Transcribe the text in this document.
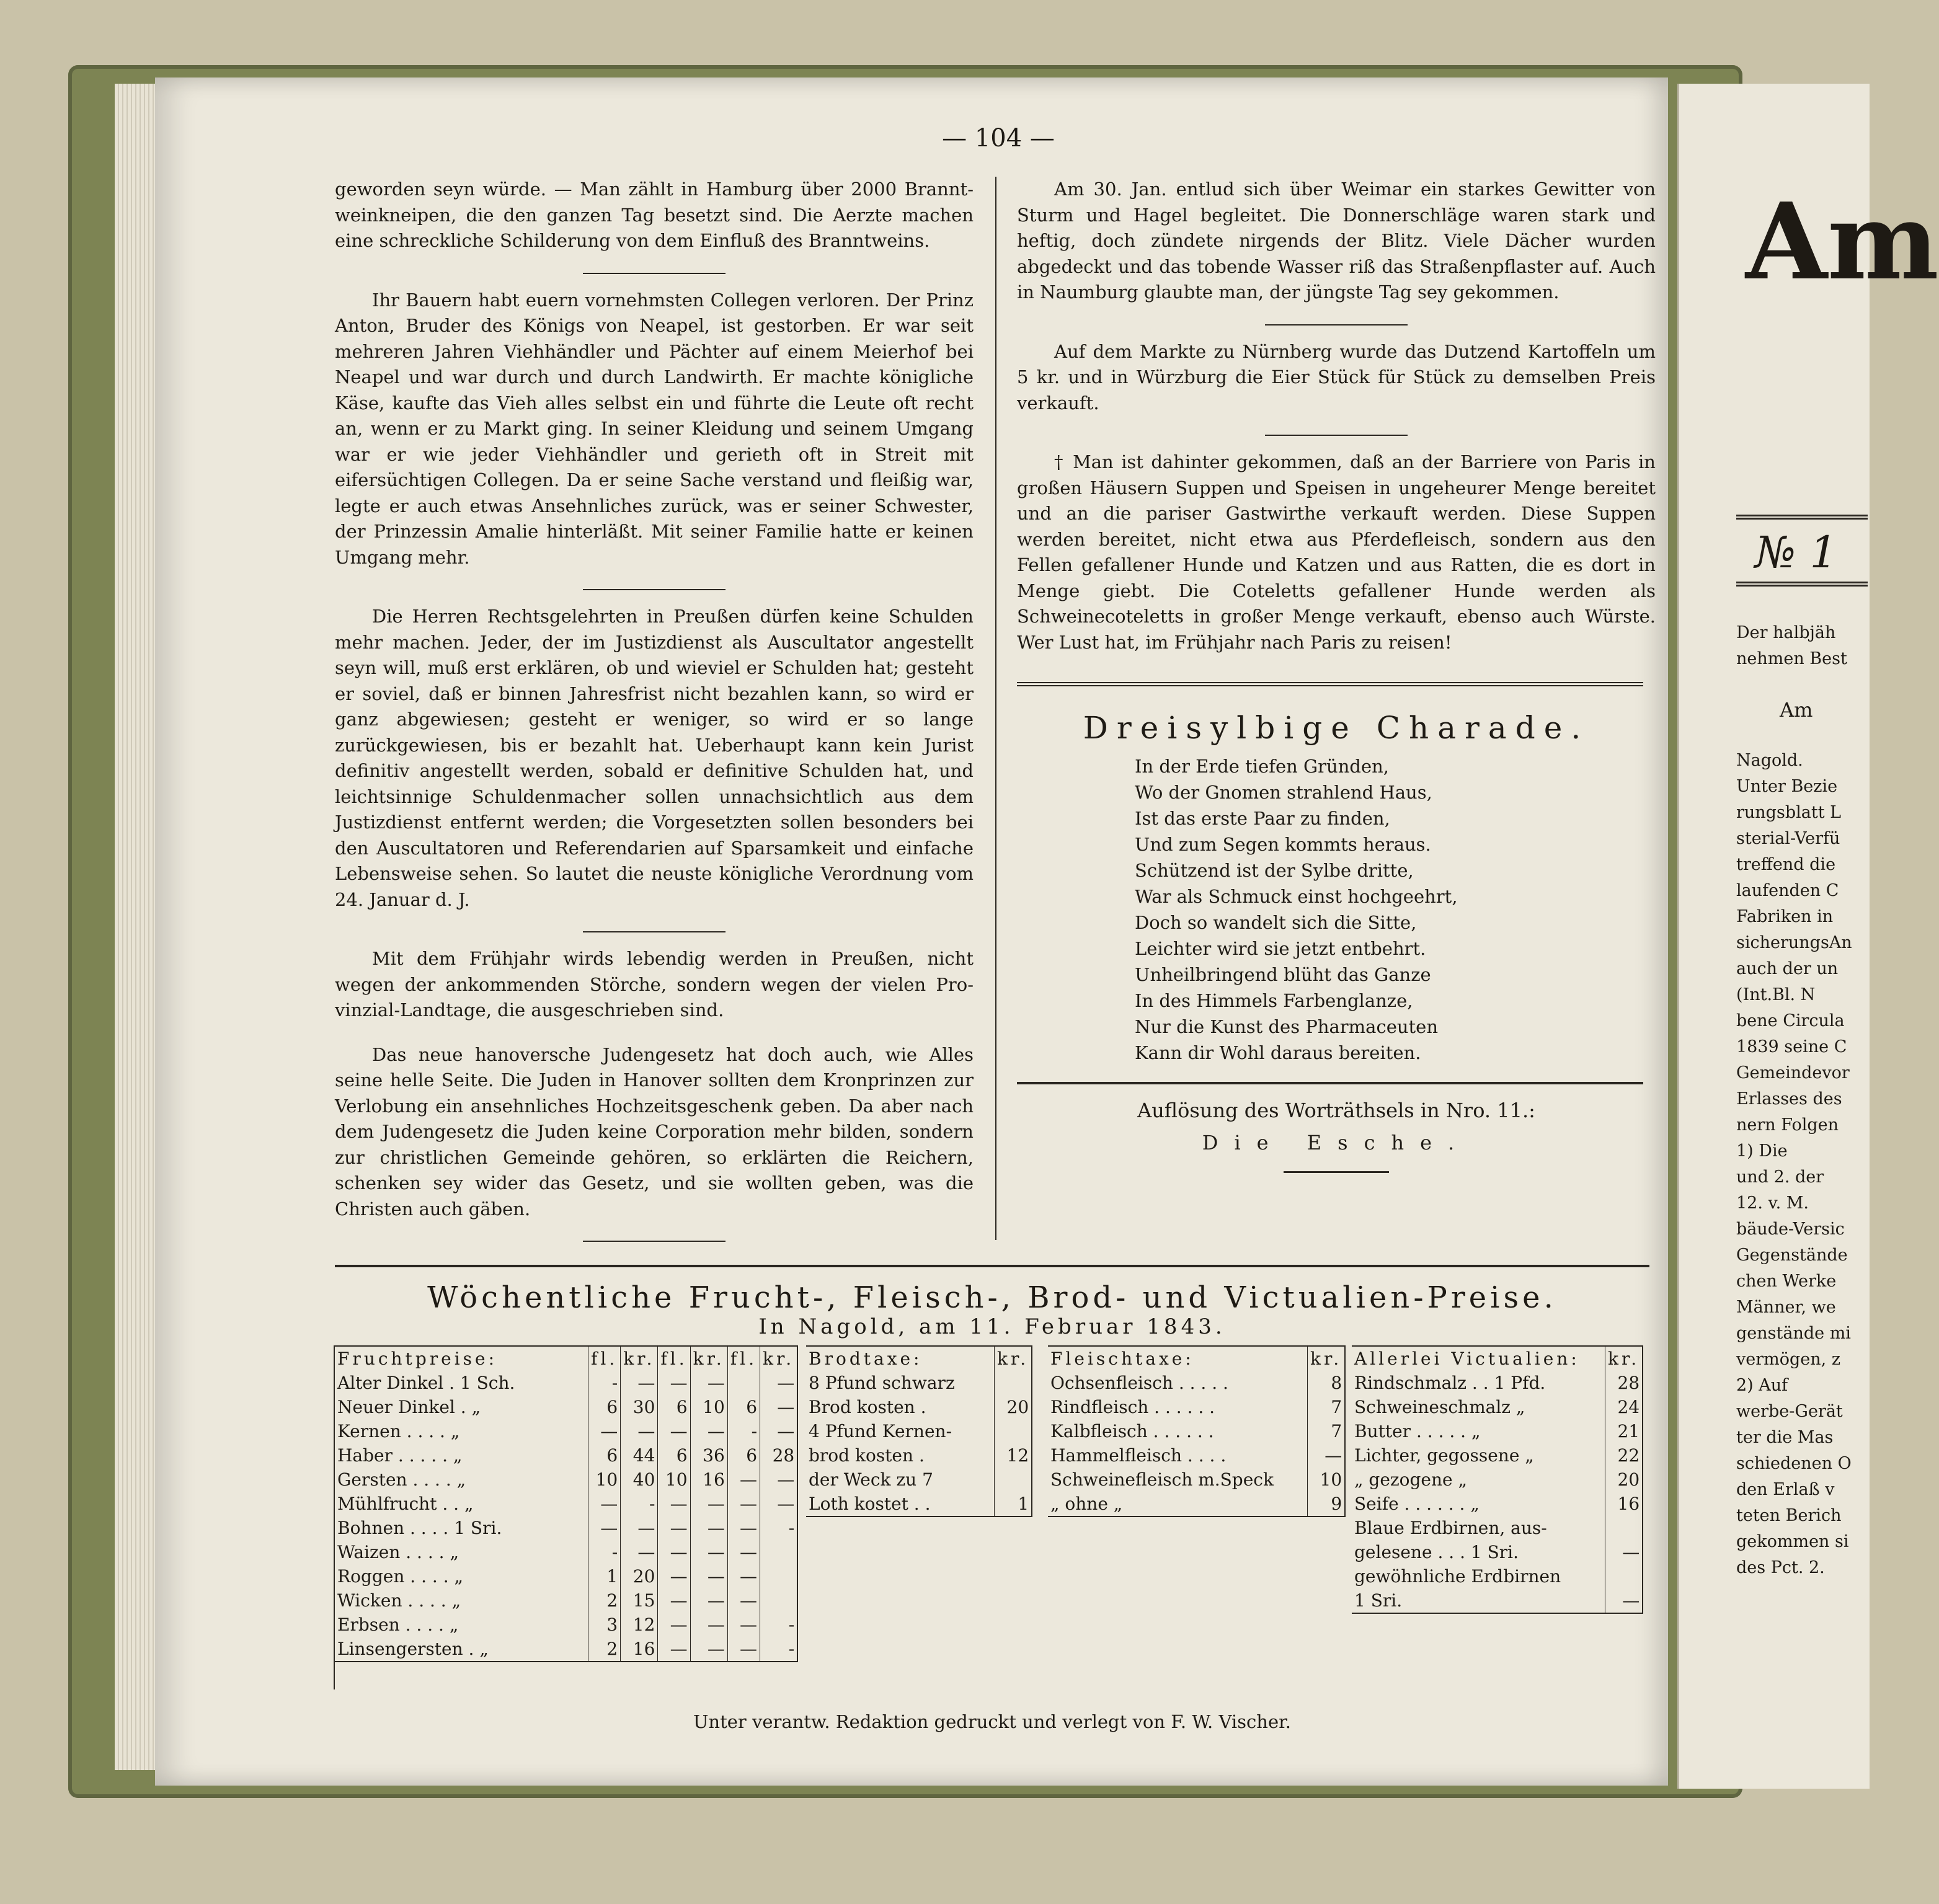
— 104 —

geworden seyn würde. — Man zählt in Hamburg über 2000 Branntweinkneipen, die den ganzen Tag besetzt sind. Die Aerzte machen eine schreckliche Schilderung von dem Einfluß des Branntweins.

Ihr Bauern habt euern vornehmsten Collegen verloren. Der Prinz Anton, Bruder des Königs von Neapel, ist gestorben. Er war seit mehreren Jahren Viehhändler und Pächter auf einem Meierhof bei Neapel und war durch und durch Landwirth. Er machte königliche Käse, kaufte das Vieh alles selbst ein und führte die Leute oft recht an, wenn er zu Markt ging. In seiner Kleidung und seinem Umgang war er wie jeder Viehhändler und gerieth oft in Streit mit eifersüchtigen Collegen. Da er seine Sache verstand und fleißig war, legte er auch etwas Ansehnliches zurück, was er seiner Schwester, der Prinzessin Amalie hinterläßt. Mit seiner Familie hatte er keinen Umgang mehr.

Die Herren Rechtsgelehrten in Preußen dürfen keine Schulden mehr machen. Jeder, der im Justizdienst als Auscultator angestellt seyn will, muß erst erklären, ob und wieviel er Schulden hat; gesteht er soviel, daß er binnen Jahresfrist nicht bezahlen kann, so wird er ganz abgewiesen; gesteht er weniger, so wird er so lange zurückgewiesen, bis er bezahlt hat. Ueberhaupt kann kein Jurist definitiv angestellt werden, sobald er definitive Schulden hat, und leichtsinnige Schuldenmacher sollen unnachsichtlich aus dem Justizdienst entfernt werden; die Vorgesetzten sollen besonders bei den Auscultatoren und Referendarien auf Sparsamkeit und einfache Lebensweise sehen. So lautet die neuste königliche Verordnung vom 24. Januar d. J.

Mit dem Frühjahr wirds lebendig werden in Preußen, nicht wegen der ankommenden Störche, sondern wegen der vielen Provinzial-Landtage, die ausgeschrieben sind.

Das neue hanoversche Judengesetz hat doch auch, wie Alles seine helle Seite. Die Juden in Hanover sollten dem Kronprinzen zur Verlobung ein ansehnliches Hochzeitsgeschenk geben. Da aber nach dem Judengesetz die Juden keine Corporation mehr bilden, sondern zur christlichen Gemeinde gehören, so erklärten die Reichern, schenken sey wider das Gesetz, und sie wollten geben, was die Christen auch gäben.

Am 30. Jan. entlud sich über Weimar ein starkes Gewitter von Sturm und Hagel begleitet. Die Donnerschläge waren stark und heftig, doch zündete nirgends der Blitz. Viele Dächer wurden abgedeckt und das tobende Wasser riß das Straßenpflaster auf. Auch in Naumburg glaubte man, der jüngste Tag sey gekommen.

Auf dem Markte zu Nürnberg wurde das Dutzend Kartoffeln um 5 kr. und in Würzburg die Eier Stück für Stück zu demselben Preis verkauft.

† Man ist dahinter gekommen, daß an der Barriere von Paris in großen Häusern Suppen und Speisen in ungeheurer Menge bereitet und an die pariser Gastwirthe verkauft werden. Diese Suppen werden bereitet, nicht etwa aus Pferdefleisch, sondern aus den Fellen gefallener Hunde und Katzen und aus Ratten, die es dort in Menge giebt. Die Coteletts gefallener Hunde werden als Schweinecoteletts in großer Menge verkauft, ebenso auch Würste. Wer Lust hat, im Frühjahr nach Paris zu reisen!

Dreisylbige Charade.
In der Erde tiefen Gründen,
Wo der Gnomen strahlend Haus,
Ist das erste Paar zu finden,
Und zum Segen kommts heraus.
Schützend ist der Sylbe dritte,
War als Schmuck einst hochgeehrt,
Doch so wandelt sich die Sitte,
Leichter wird sie jetzt entbehrt.
Unheilbringend blüht das Ganze
In des Himmels Farbenglanze,
Nur die Kunst des Pharmaceuten
Kann dir Wohl daraus bereiten.
Auflösung des Worträthsels in Nro. 11.:
Die Esche.
Wöchentliche Frucht-, Fleisch-, Brod- und Victualien-Preise.
In Nagold, am 11. Februar 1843.
Fruchtpreise:	fl.	kr.	fl.	kr.	fl.	kr.
Alter Dinkel . 1 Sch.	-	—	—	—		—
Neuer Dinkel . „	6	30	6	10	6	—
Kernen . . . . „	—	—	—	—	-	—
Haber . . . . . „	6	44	6	36	6	28
Gersten . . . . „	10	40	10	16	—	—
Mühlfrucht . . „	—	-	—	—	—	—
Bohnen . . . . 1 Sri.	—	—	—	—	—	-
Waizen . . . . „	-	—	—	—	—	
Roggen . . . . „	1	20	—	—	—	
Wicken . . . . „	2	15	—	—	—	
Erbsen . . . . „	3	12	—	—	—	-
Linsengersten . „	2	16	—	—	—	-
Brodtaxe:	kr.
8 Pfund schwarz	
Brod kosten .	20
4 Pfund Kernen-	
brod kosten .	12
der Weck zu 7	
Loth kostet . .	1
Fleischtaxe:	kr.
Ochsenfleisch . . . . .	8
Rindfleisch . . . . . .	7
Kalbfleisch . . . . . .	7
Hammelfleisch . . . .	—
Schweinefleisch m.Speck	10
„ ohne „	9
Allerlei Victualien:	kr.
Rindschmalz . . 1 Pfd.	28
Schweineschmalz „	24
Butter . . . . . „	21
Lichter, gegossene „	22
„ gezogene „	20
Seife . . . . . . „	16
Blaue Erdbirnen, aus-	
gelesene . . . 1 Sri.	—
gewöhnliche Erdbirnen	
1 Sri.	—
Unter verantw. Redaktion gedruckt und verlegt von F. W. Vischer.
Am
№ 1
Der halbjäh
nehmen Best
Am
Nagold.
Unter Bezie
rungsblatt L
sterial-Verfü
treffend die
laufenden C
Fabriken in
sicherungsAn
auch der un
(Int.Bl. N
bene Circula
1839 seine C
Gemeindevor
Erlasses des
nern Folgen
1) Die
und 2. der
12. v. M.
bäude-Versic
Gegenstände
chen Werke
Männer, we
genstände mi
vermögen, z
2) Auf
werbe-Gerät
ter die Mas
schiedenen O
den Erlaß v
teten Berich
gekommen si
des Pct. 2.
